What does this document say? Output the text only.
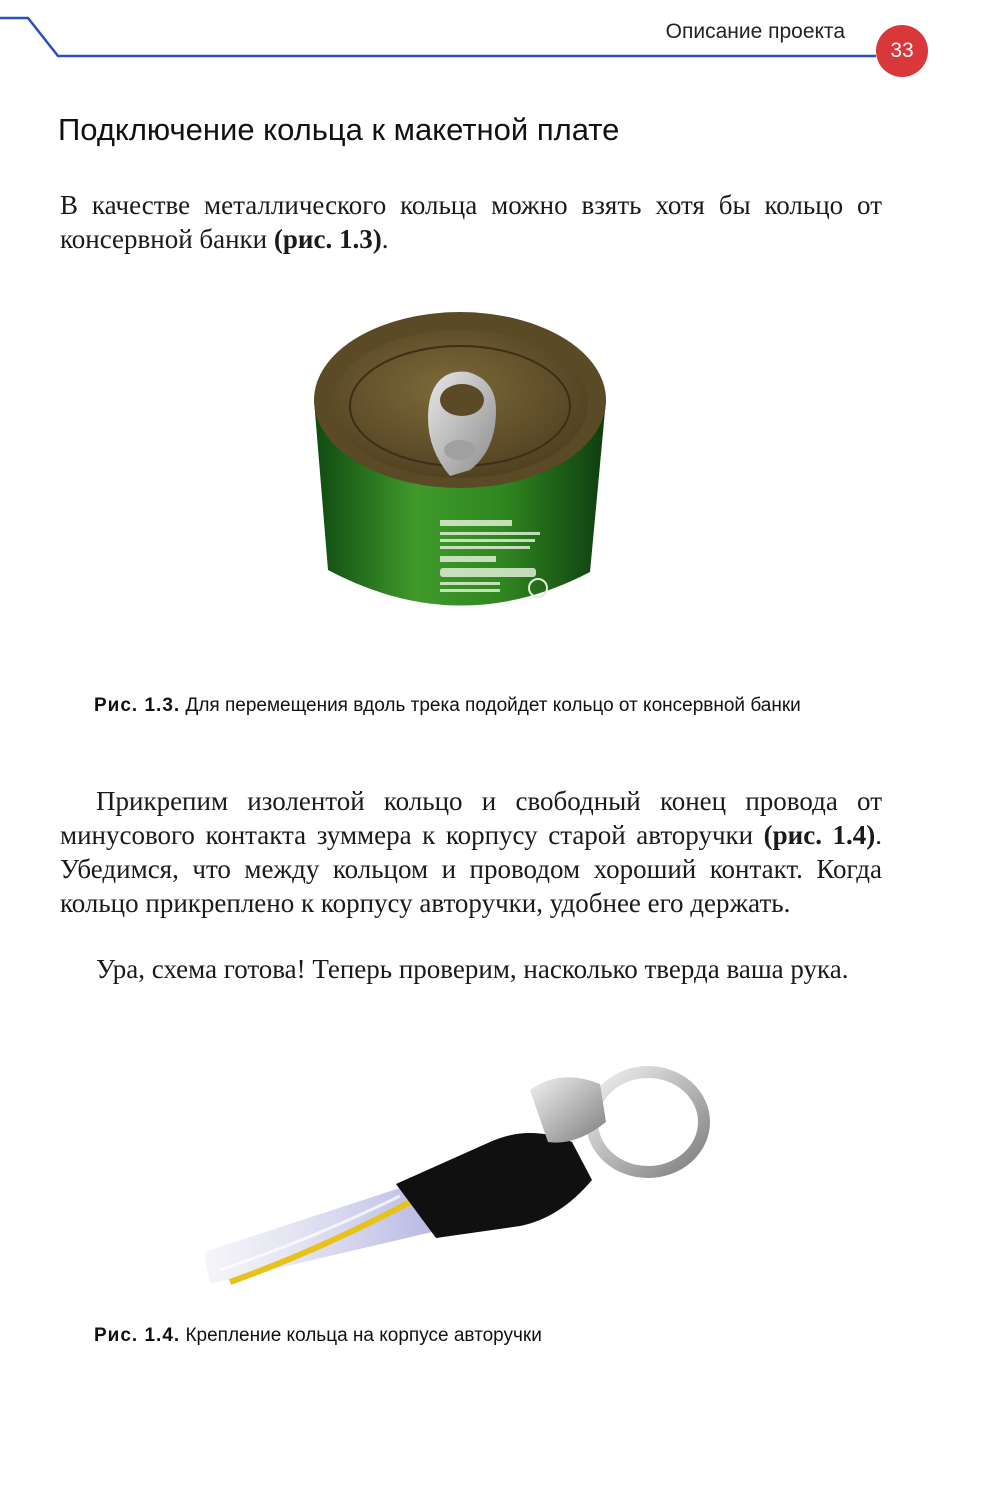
Описание проекта
33
Подключение кольца к макетной плате

В качестве металлического кольца можно взять хотя бы кольцо от консервной банки (рис. 1.3).

Рис. 1.3. Для перемещения вдоль трека подойдет кольцо от консервной банки

Прикрепим изолентой кольцо и свободный конец провода от минусового контакта зуммера к корпусу старой авторучки (рис. 1.4). Убедимся, что между кольцом и проводом хороший контакт. Когда кольцо прикреплено к корпусу авторучки, удобнее его держать.

Ура, схема готова! Теперь проверим, насколько тверда ваша рука.

Рис. 1.4. Крепление кольца на корпусе авторучки
